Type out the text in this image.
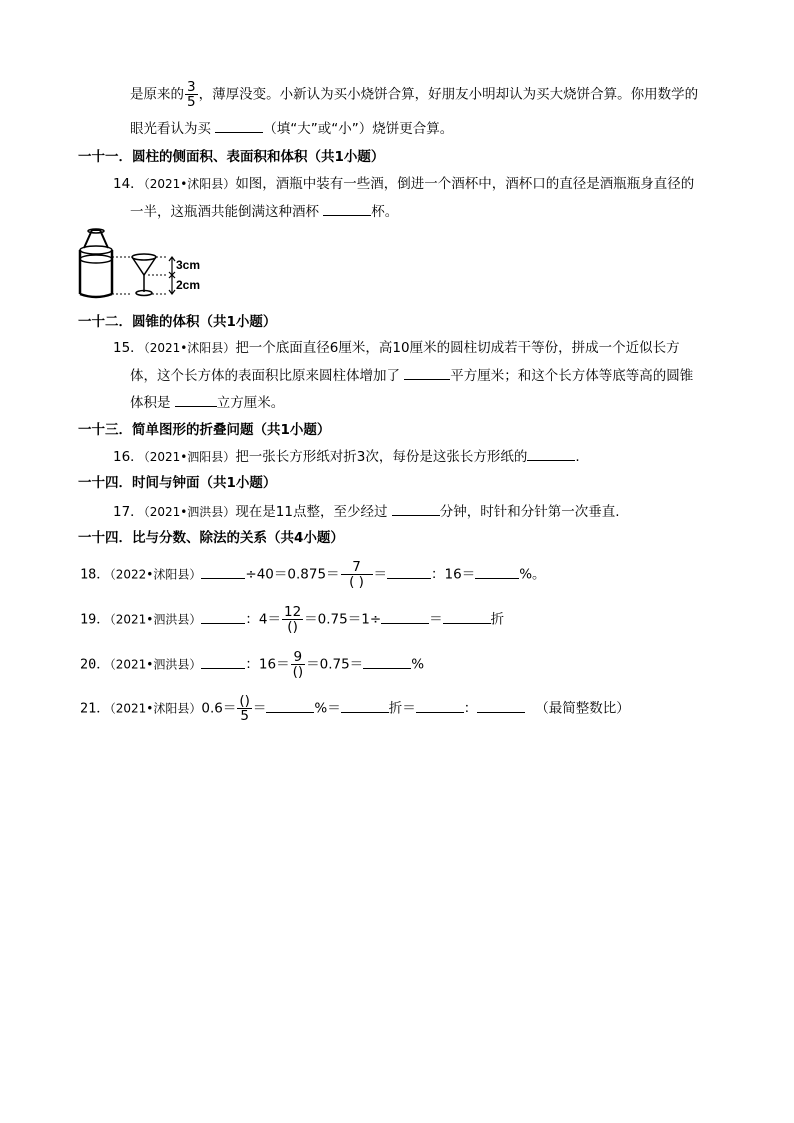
是原来的 $\frac{3}{5}$ ，薄厚没变。小新认为买小烧饼合算，好朋友小明却认为买大烧饼合算。你用数学的
眼光看认为买	（填“大”或“小”）烧饼更合算。
一十一．圆柱的侧面积、表面积和体积（共1小题）
14．（2021•沭阳县）如图，酒瓶中装有一些酒，倒进一个酒杯中，酒杯口的直径是酒瓶瓶身直径的
一半，这瓶酒共能倒满这种酒杯	杯。
3cm
2cm
一十二．圆锥的体积（共1小题）
15．（2021•沭阳县）把一个底面直径6厘米，高10厘米的圆柱切成若干等份，拼成一个近似长方
体，这个长方体的表面积比原来圆柱体增加了	平方厘米；和这个长方体等底等高的圆锥
体积是	立方厘米。
一十三．简单图形的折叠问题（共1小题）
16．（2021•泗阳县）把一张长方形纸对折3次，每份是这张长方形纸的	.
一十四．时间与钟面（共1小题）
17．（2021•泗洪县）现在是11点整，至少经过	分钟，时针和分针第一次垂直.
一十四．比与分数、除法的关系（共4小题）
18．（2022•沭阳县）	$\div 40=0.875= \frac{7}{( )}$ ＝	：16＝	%。
19．（2021•泗洪县）	：$4= \frac{12}{()} =0.75=1\div$	＝	折
20．（2021•泗洪县）	：$16= \frac{9}{()} =0.75=$	%
21．（2021•沭阳县）$0.6= \frac{()}{5}$ ＝	%＝	折＝	：	（最简整数比）
